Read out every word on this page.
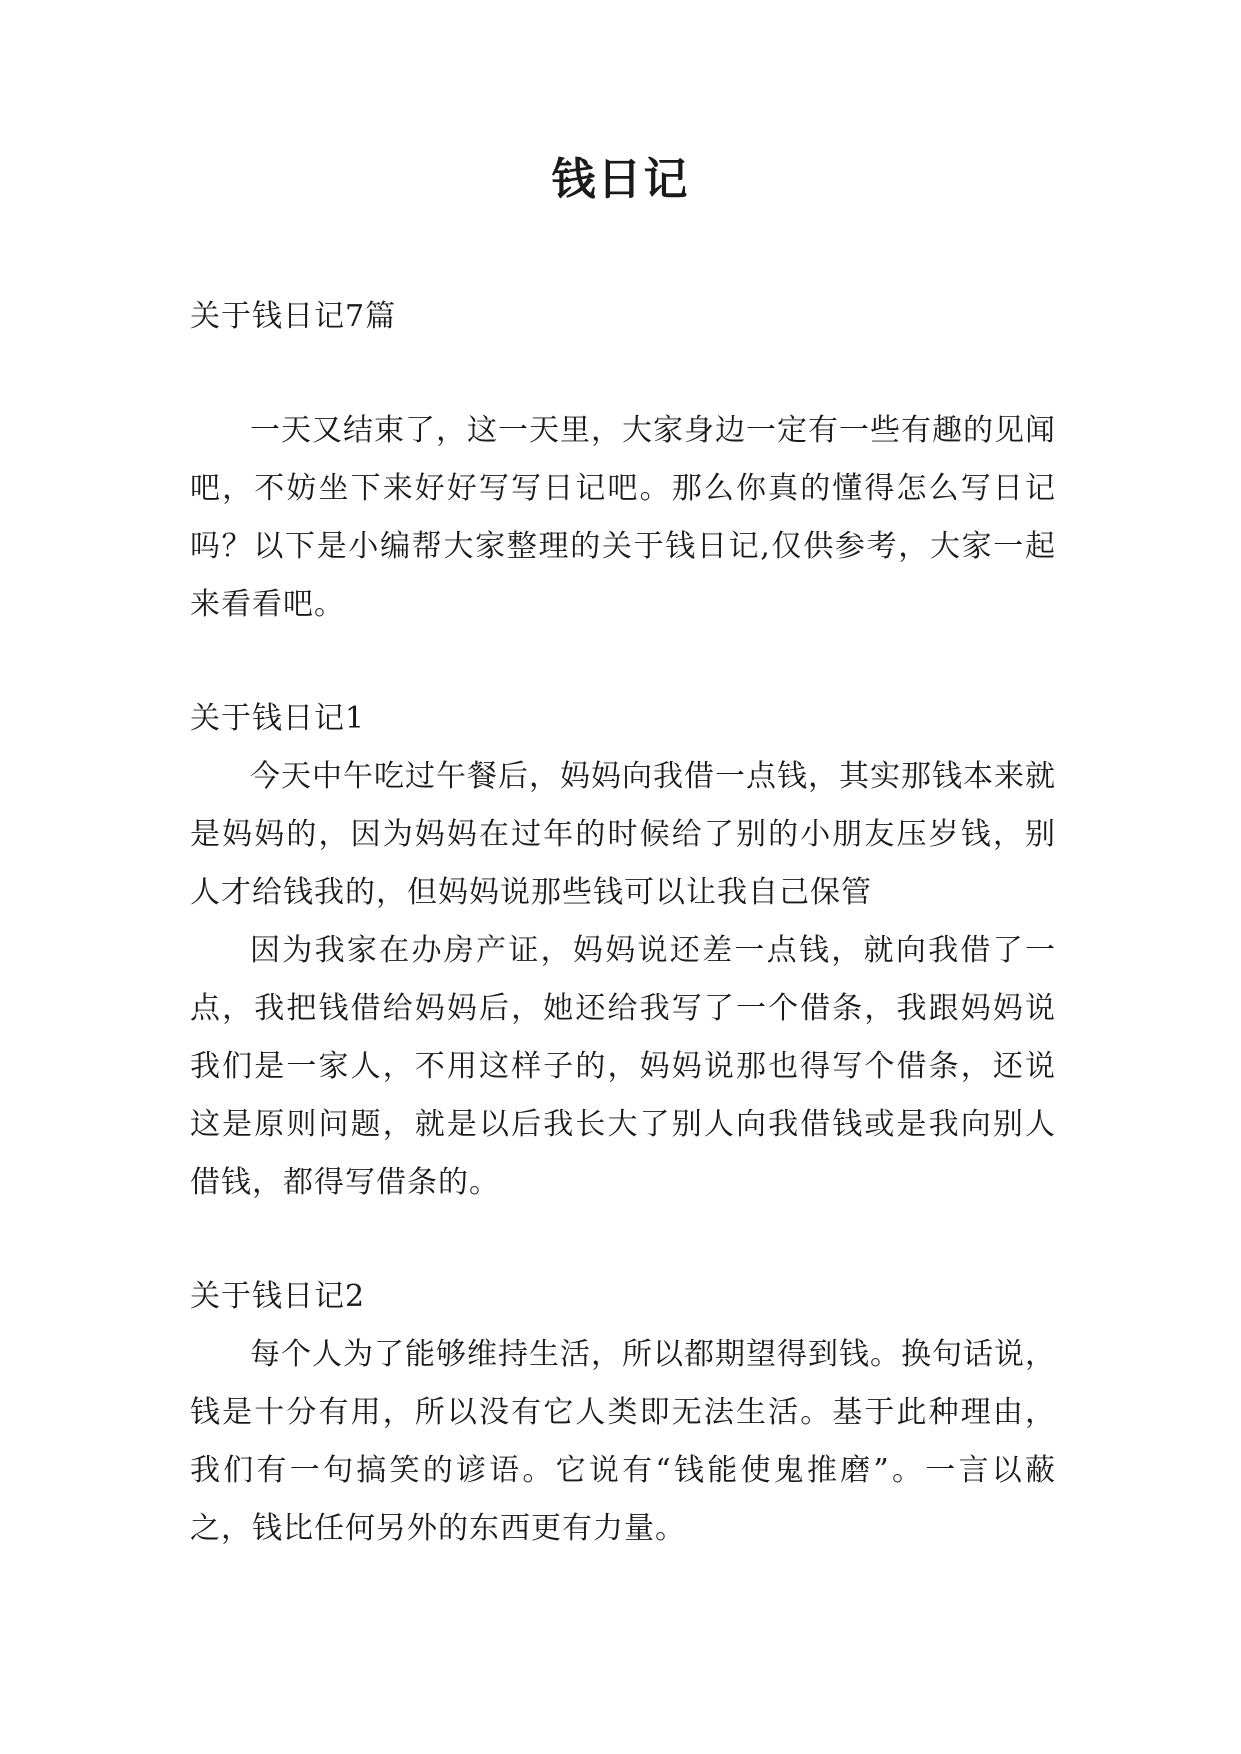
钱日记
关于钱日记7篇

一天又结束了，这一天里，大家身边一定有一些有趣的见闻吧，不妨坐下来好好写写日记吧。那么你真的懂得怎么写日记吗？以下是小编帮大家整理的关于钱日记,仅供参考，大家一起来看看吧。

关于钱日记1

今天中午吃过午餐后，妈妈向我借一点钱，其实那钱本来就是妈妈的，因为妈妈在过年的时候给了别的小朋友压岁钱，别人才给钱我的，但妈妈说那些钱可以让我自己保管

因为我家在办房产证，妈妈说还差一点钱，就向我借了一点，我把钱借给妈妈后，她还给我写了一个借条，我跟妈妈说我们是一家人，不用这样子的，妈妈说那也得写个借条，还说这是原则问题，就是以后我长大了别人向我借钱或是我向别人借钱，都得写借条的。

关于钱日记2

每个人为了能够维持生活，所以都期望得到钱。换句话说，钱是十分有用，所以没有它人类即无法生活。基于此种理由，我们有一句搞笑的谚语。它说有“钱能使鬼推磨”。一言以蔽之，钱比任何另外的东西更有力量。
